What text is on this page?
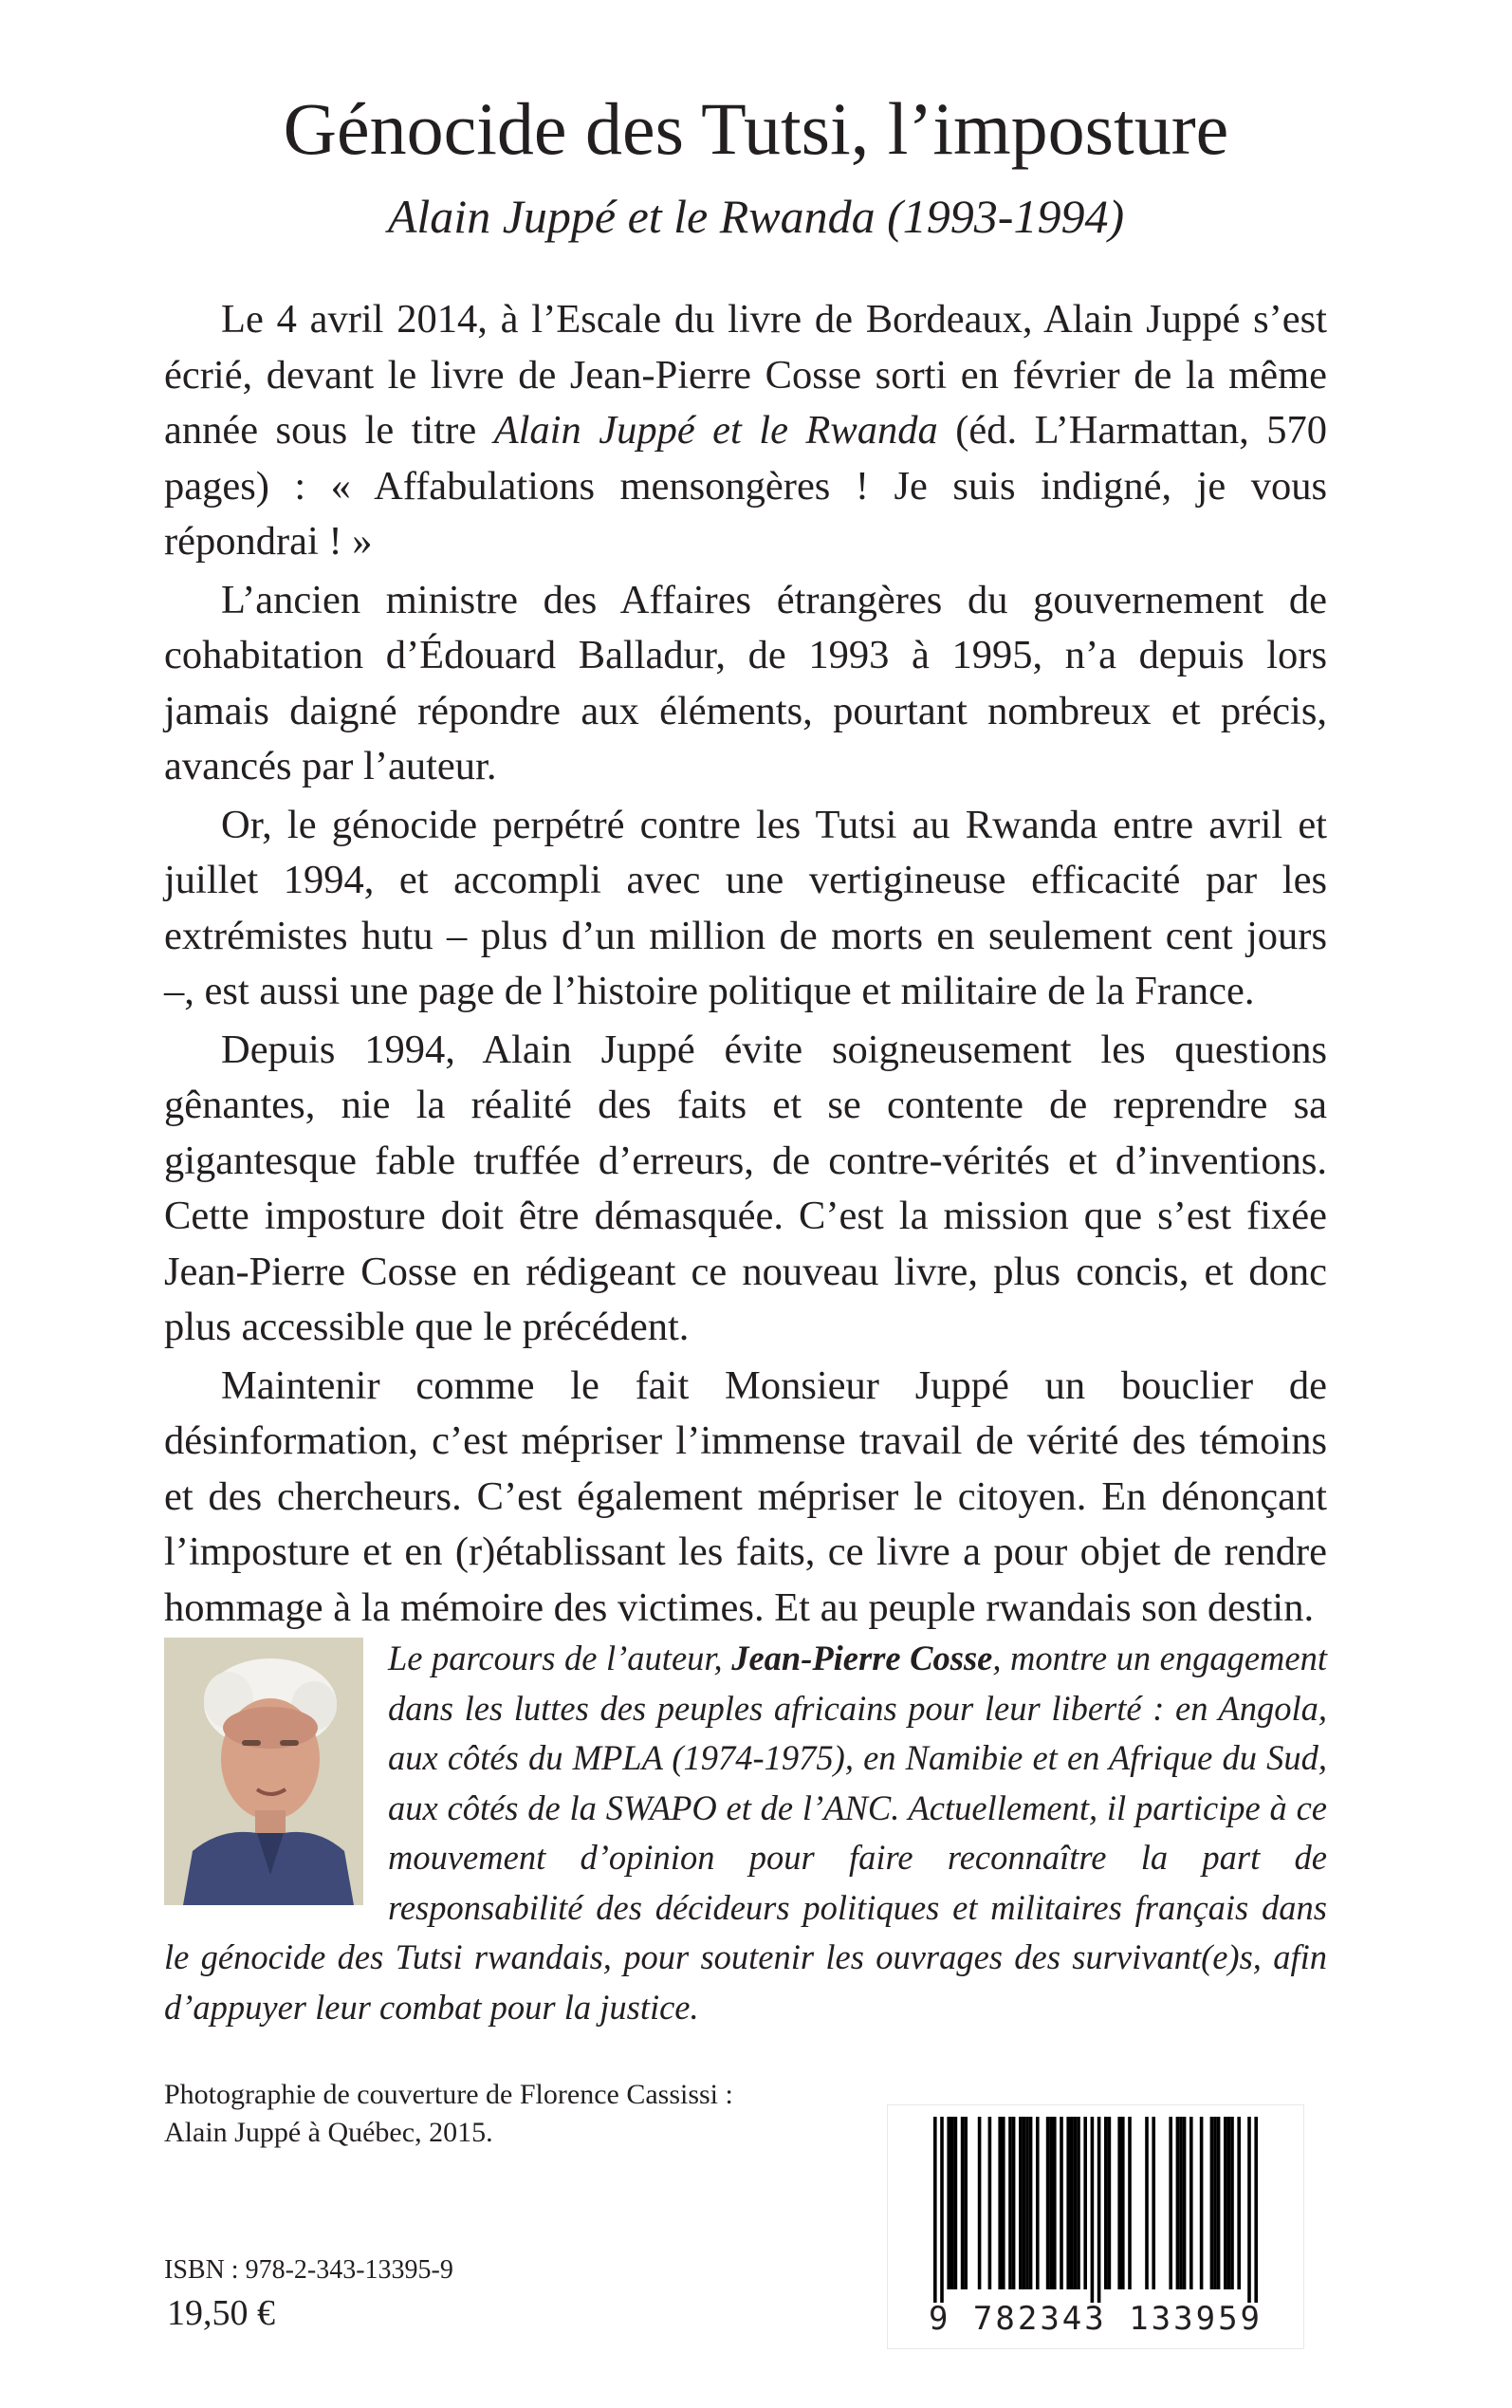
Génocide des Tutsi, l’imposture
Alain Juppé et le Rwanda (1993-1994)

Le 4 avril 2014, à l’Escale du livre de Bordeaux, Alain Juppé s’est écrié, devant le livre de Jean-Pierre Cosse sorti en février de la même année sous le titre Alain Juppé et le Rwanda (éd. L’Harmattan, 570 pages) : « Affabulations mensongères ! Je suis indigné, je vous répondrai ! »

L’ancien ministre des Affaires étrangères du gouvernement de cohabitation d’Édouard Balladur, de 1993 à 1995, n’a depuis lors jamais daigné répondre aux éléments, pourtant nombreux et précis, avancés par l’auteur.

Or, le génocide perpétré contre les Tutsi au Rwanda entre avril et juillet 1994, et accompli avec une vertigineuse efficacité par les extrémistes hutu – plus d’un million de morts en seulement cent jours –, est aussi une page de l’histoire politique et militaire de la France.

Depuis 1994, Alain Juppé évite soigneusement les questions gênantes, nie la réalité des faits et se contente de reprendre sa gigantesque fable truffée d’erreurs, de contre-vérités et d’inventions. Cette imposture doit être démasquée. C’est la mission que s’est fixée Jean-Pierre Cosse en rédigeant ce nouveau livre, plus concis, et donc plus accessible que le précédent.

Maintenir comme le fait Monsieur Juppé un bouclier de désinformation, c’est mépriser l’immense travail de vérité des témoins et des chercheurs. C’est également mépriser le citoyen. En dénonçant l’imposture et en (r)établissant les faits, ce livre a pour objet de rendre hommage à la mémoire des victimes. Et au peuple rwandais son destin.

Le parcours de l’auteur, Jean-Pierre Cosse, montre un engagement dans les luttes des peuples africains pour leur liberté : en Angola, aux côtés du MPLA (1974-1975), en Namibie et en Afrique du Sud, aux côtés de la SWAPO et de l’ANC. Actuellement, il participe à ce mouvement d’opinion pour faire reconnaître la part de responsabilité des décideurs politiques et militaires français dans le génocide des Tutsi rwandais, pour soutenir les ouvrages des survivant(e)s, afin d’appuyer leur combat pour la justice.

Photographie de couverture de Florence Cassissi :
Alain Juppé à Québec, 2015.
ISBN : 978-2-343-13395-9
19,50 €	9 782343 133959
